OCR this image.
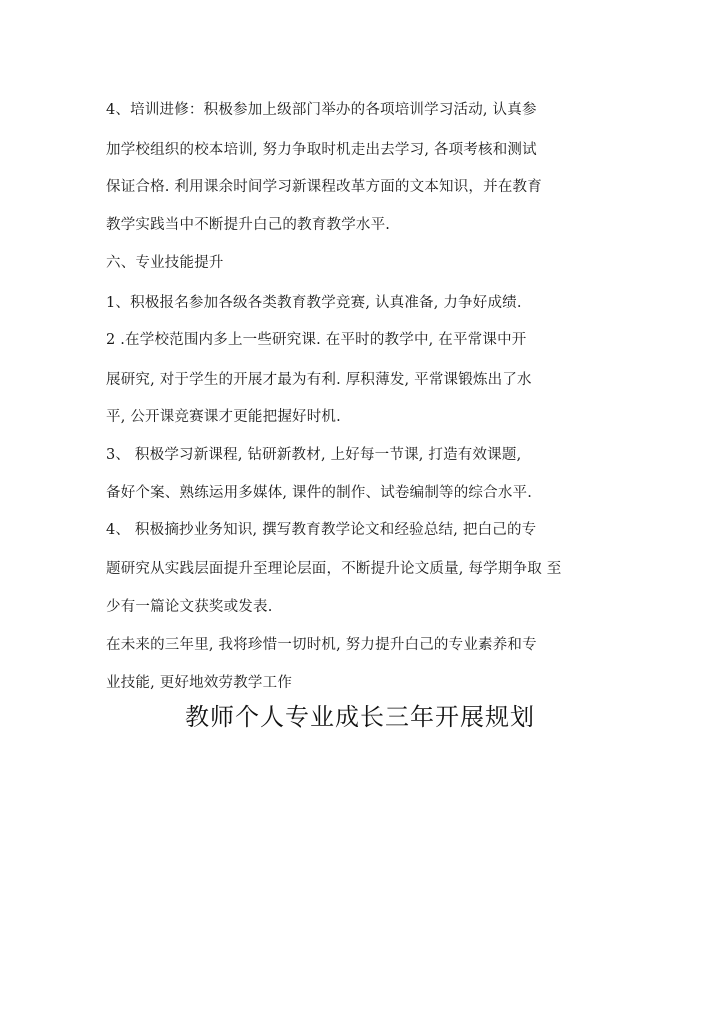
4、培训进修：积极参加上级部门举办的各项培训学习活动, 认真参
加学校组织的校本培训, 努力争取时机走出去学习, 各项考核和测试
保证合格. 利用课余时间学习新课程改革方面的文本知识，并在教育
教学实践当中不断提升白己的教育教学水平.
六、专业技能提升
1、积极报名参加各级各类教育教学竞赛, 认真准备, 力争好成绩.
2 .在学校范围内多上一些研究课. 在平时的教学中, 在平常课中开
展研究, 对于学生的开展才最为有利. 厚积薄发, 平常课锻炼出了水
平, 公开课竞赛课才更能把握好时机.
3、 积极学习新课程, 钻研新教材, 上好每一节课, 打造有效课题,
备好个案、熟练运用多媒体, 课件的制作、试卷编制等的综合水平.
4、 积极摘抄业务知识, 撰写教育教学论文和经验总结, 把白己的专
题研究从实践层面提升至理论层面，不断提升论文质量, 每学期争取 至
少有一篇论文获奖或发表.
在未来的三年里, 我将珍惜一切时机, 努力提升白己的专业素养和专
业技能, 更好地效劳教学工作
教师个人专业成长三年开展规划
